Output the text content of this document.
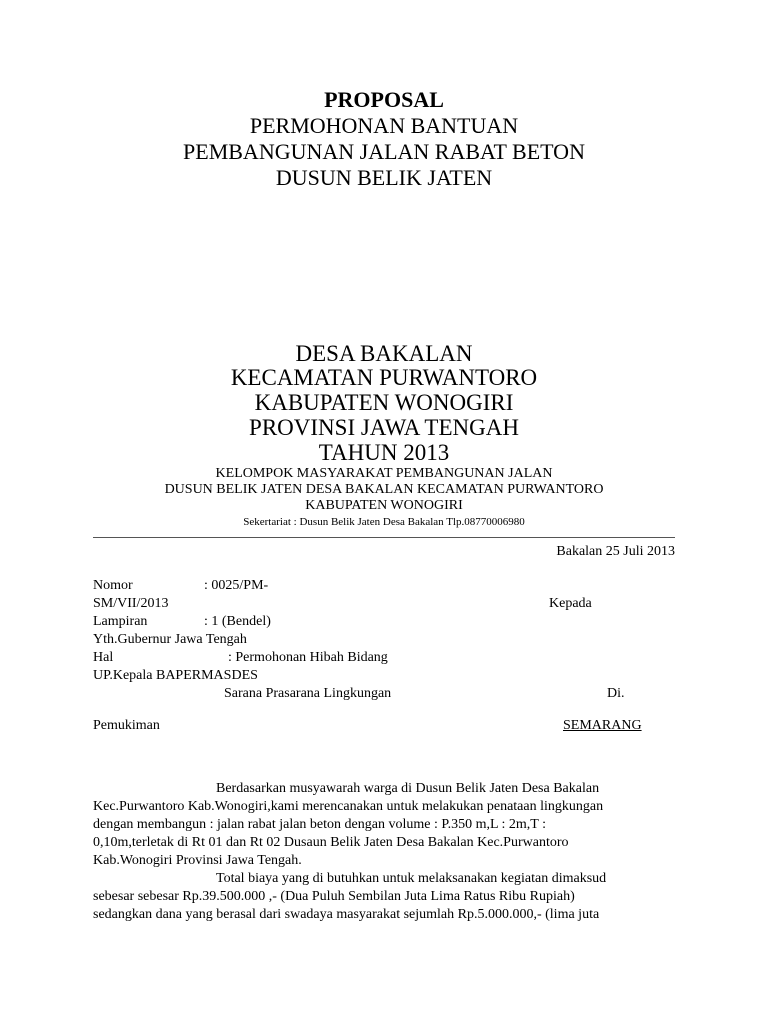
PROPOSAL
PERMOHONAN BANTUAN
PEMBANGUNAN JALAN RABAT BETON
DUSUN BELIK JATEN
DESA BAKALAN
KECAMATAN PURWANTORO
KABUPATEN WONOGIRI
PROVINSI JAWA TENGAH
TAHUN 2013
KELOMPOK MASYARAKAT PEMBANGUNAN JALAN
DUSUN BELIK JATEN DESA BAKALAN KECAMATAN PURWANTORO
KABUPATEN WONOGIRI
Sekertariat : Dusun Belik Jaten Desa Bakalan Tlp.08770006980
Bakalan 25 Juli 2013
Nomor	: 0025/PM-
SM/VII/2013	Kepada
Lampiran	: 1 (Bendel)
Yth.Gubernur Jawa Tengah
Hal	: Permohonan Hibah Bidang
UP.Kepala BAPERMASDES
Sarana Prasarana Lingkungan	Di.
Pemukiman	SEMARANG
Berdasarkan musyawarah warga di Dusun Belik Jaten Desa Bakalan
Kec.Purwantoro Kab.Wonogiri,kami merencanakan untuk melakukan penataan lingkungan
dengan membangun : jalan rabat jalan beton dengan volume : P.350 m,L : 2m,T :
0,10m,terletak di Rt 01 dan Rt 02 Dusaun Belik Jaten Desa Bakalan Kec.Purwantoro
Kab.Wonogiri Provinsi Jawa Tengah.
Total biaya yang di butuhkan untuk melaksanakan kegiatan dimaksud
sebesar sebesar Rp.39.500.000 ,- (Dua Puluh Sembilan Juta Lima Ratus Ribu Rupiah)
sedangkan dana yang berasal dari swadaya masyarakat sejumlah Rp.5.000.000,- (lima juta
